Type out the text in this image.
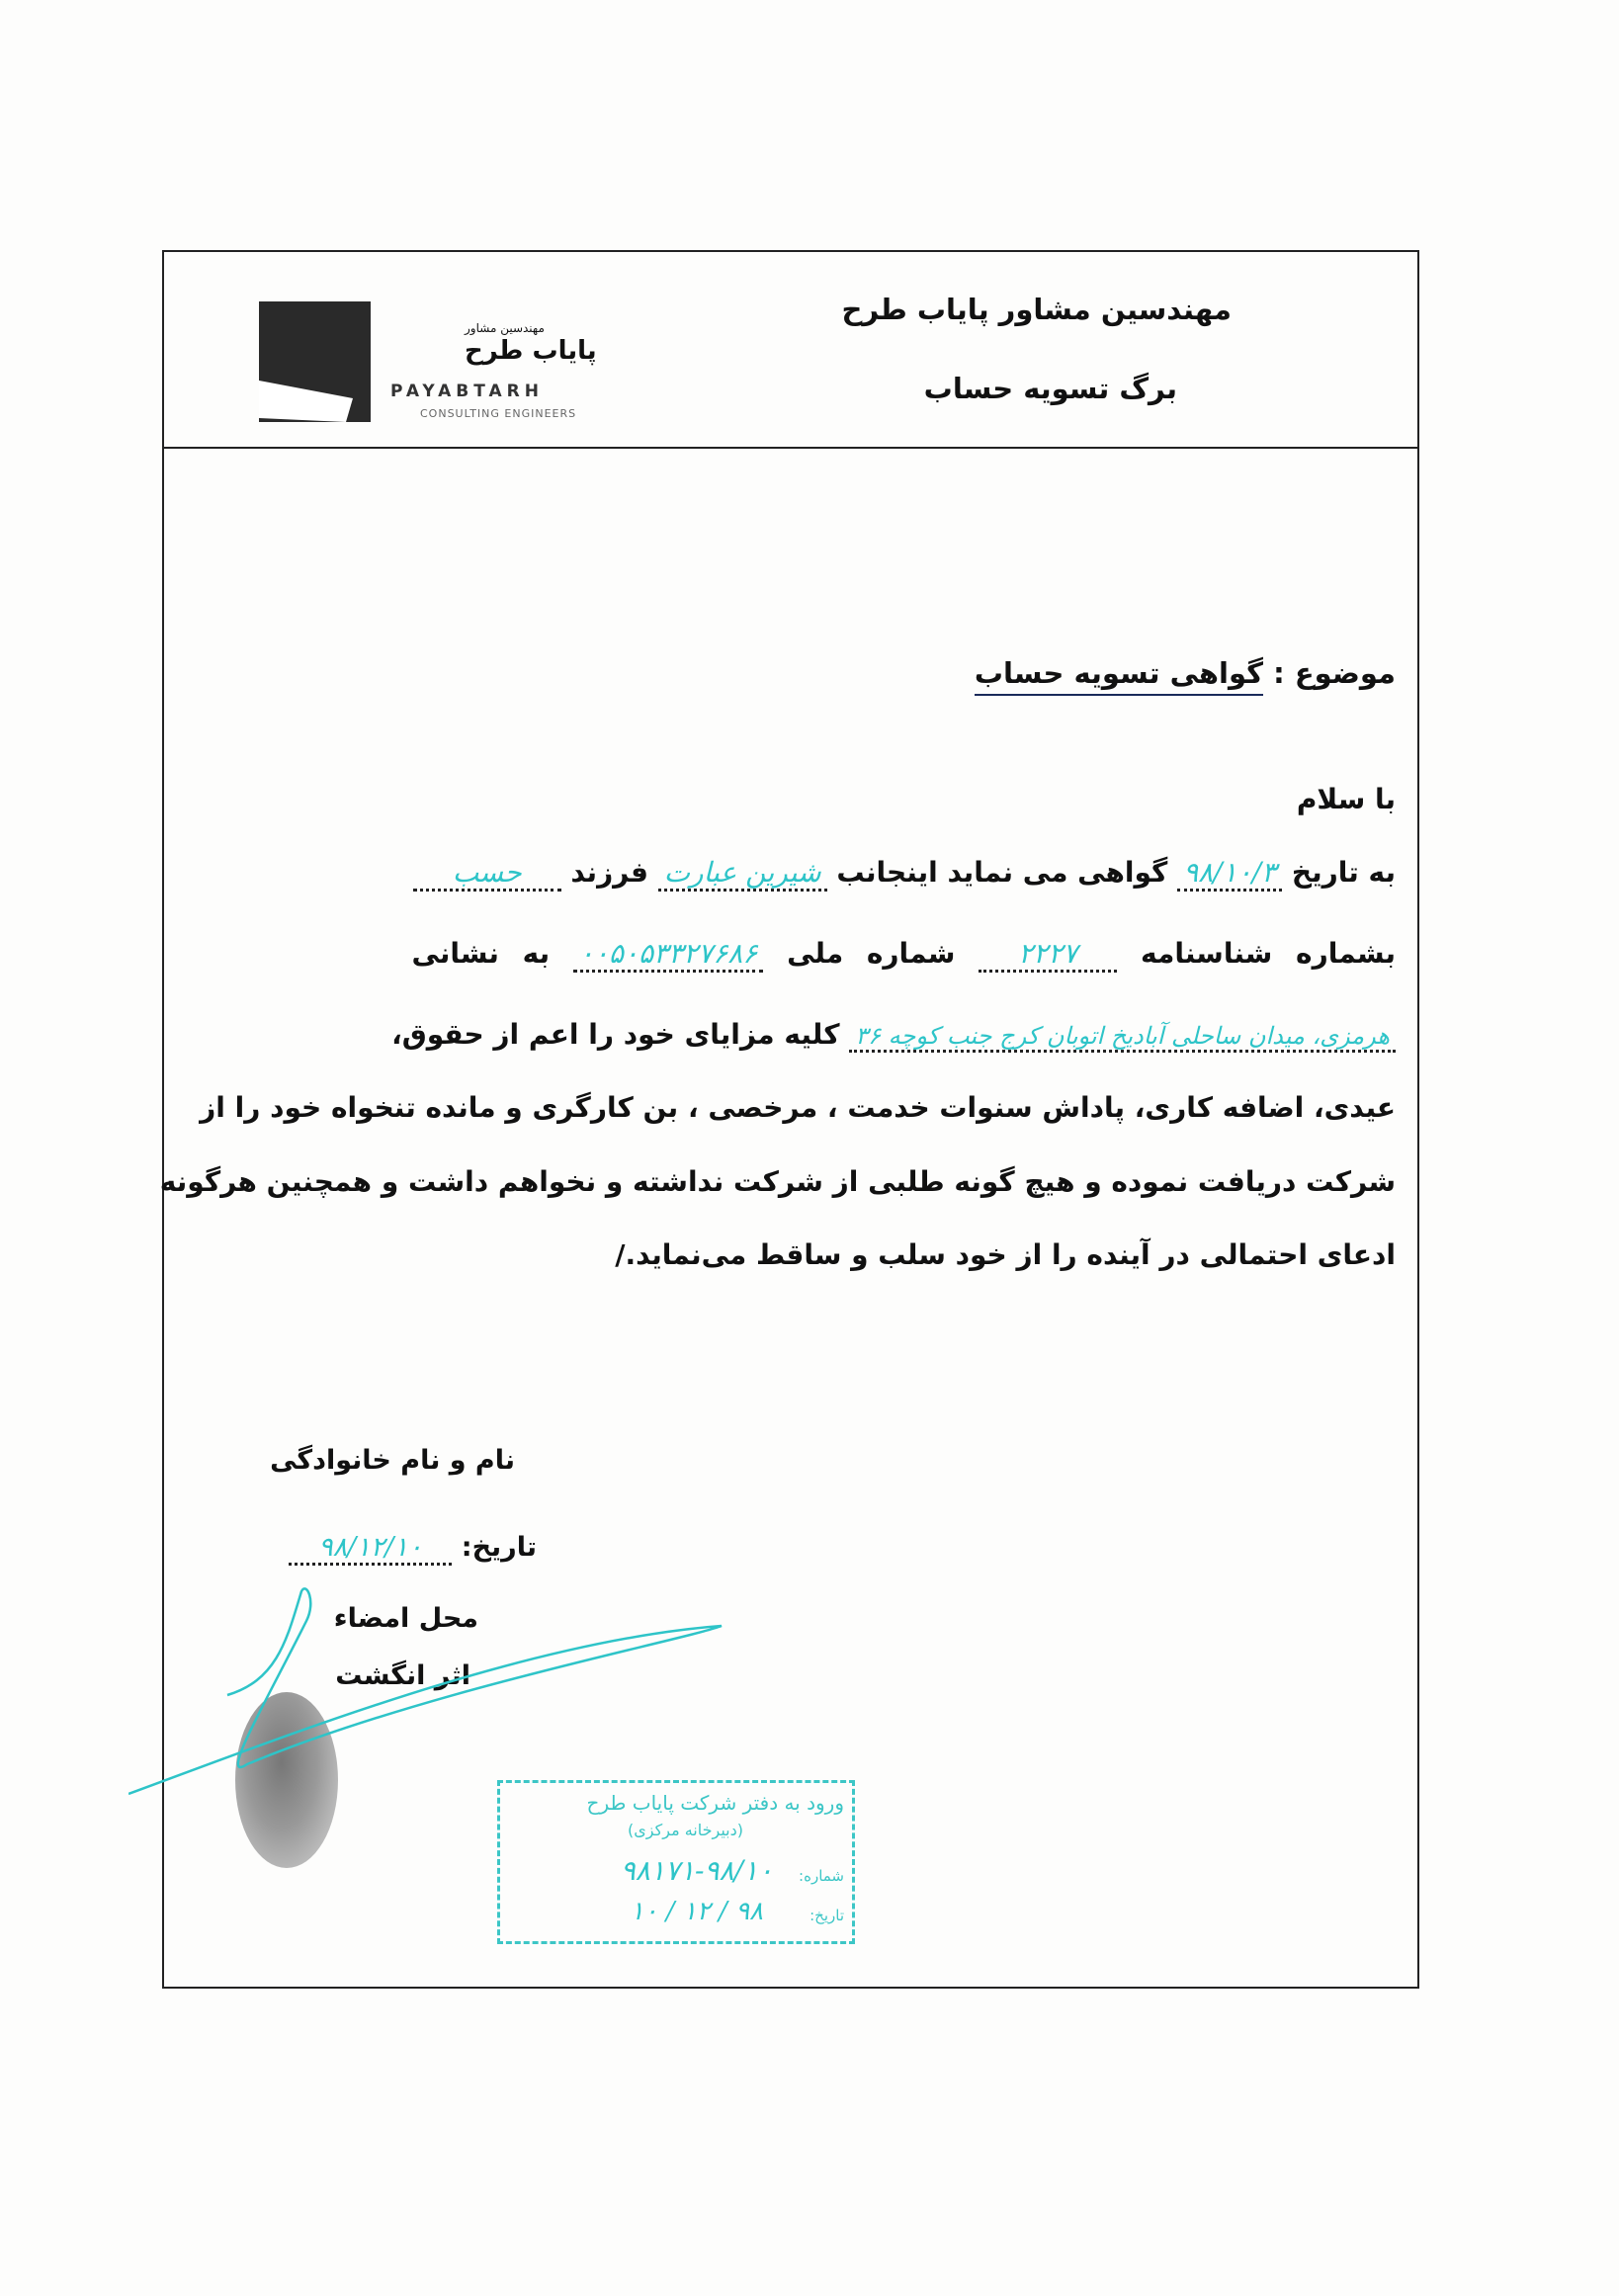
مهندسین مشاور پایاب طرح
برگ تسویه حساب
مهندسین مشاور
پایاب طرح
PAYABTARH
CONSULTING ENGINEERS
موضوع : گواهی تسویه حساب
با سلام
به تاریخ ۹۸/۱۰/۳ گواهی می نماید اینجانب شیرین عبارت فرزند حسب
بشماره شناسنامه ۲۲۲۷ شماره ملی ۰۰۵۰۵۳۳۲۷۶۸۶ به نشانی
هرمزی، میدان ساحلی آبادیخ اتوبان کرج جنب کوچه ۳۶ کلیه مزایای خود را اعم از حقوق،
عیدی، اضافه کاری، پاداش سنوات خدمت ، مرخصی ، بن کارگری و مانده تنخواه خود را از
شرکت دریافت نموده و هیچ گونه طلبی از شرکت نداشته و نخواهم داشت و همچنین هرگونه
ادعای احتمالی در آینده را از خود سلب و ساقط می‌نماید./
نام و نام خانوادگی
تاریخ: ۹۸/۱۲/۱۰
محل امضاء
اثر انگشت
ورود به دفتر شرکت پایاب طرح
(دبیرخانه مرکزی)
شماره:
۹۸۱۷۱-۹۸/۱۰
تاریخ:
۹۸ / ۱۲ / ۱۰
